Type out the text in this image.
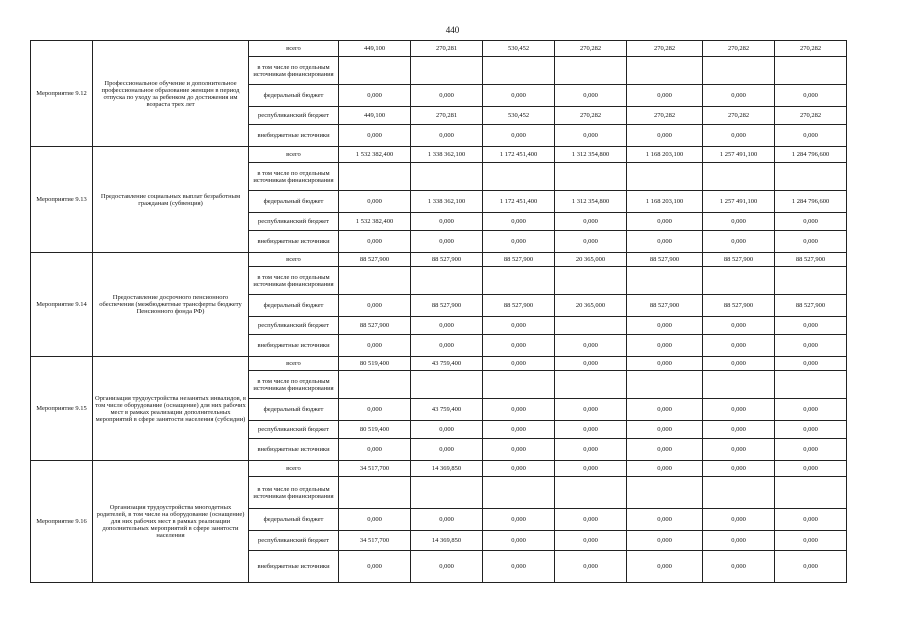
440
Мероприятие 9.12	Профессиональное обучение и дополнительное профессиональное образование женщин в период отпуска по уходу за ребенком до достижения им возраста трех лет	всего	449,100	270,281	530,452	270,282	270,282	270,282	270,282
		в том числе по отдельным источникам финансирования							
		федеральный бюджет	0,000	0,000	0,000	0,000	0,000	0,000	0,000
		республиканский бюджет	449,100	270,281	530,452	270,282	270,282	270,282	270,282
		внебюджетные источники	0,000	0,000	0,000	0,000	0,000	0,000	0,000
Мероприятие 9.13	Предоставление социальных выплат безработным гражданам (субвенция)	всего	1 532 382,400	1 338 362,100	1 172 451,400	1 312 354,800	1 168 203,100	1 257 491,100	1 284 796,600
		в том числе по отдельным источникам финансирования							
		федеральный бюджет	0,000	1 338 362,100	1 172 451,400	1 312 354,800	1 168 203,100	1 257 491,100	1 284 796,600
		республиканский бюджет	1 532 382,400	0,000	0,000	0,000	0,000	0,000	0,000
		внебюджетные источники	0,000	0,000	0,000	0,000	0,000	0,000	0,000
Мероприятие 9.14	Предоставление досрочного пенсионного обеспечения (межбюджетные трансферты бюджету Пенсионного фонда РФ)	всего	88 527,900	88 527,900	88 527,900	20 365,000	88 527,900	88 527,900	88 527,900
		в том числе по отдельным источникам финансирования							
		федеральный бюджет	0,000	88 527,900	88 527,900	20 365,000	88 527,900	88 527,900	88 527,900
		республиканский бюджет	88 527,900	0,000	0,000		0,000	0,000	0,000
		внебюджетные источники	0,000	0,000	0,000	0,000	0,000	0,000	0,000
Мероприятие 9.15	Организация трудоустройства незанятых инвалидов, в том числе оборудование (оснащение) для них рабочих мест в рамках реализации дополнительных мероприятий в сфере занятости населения (субсидии)	всего	80 519,400	43 759,400	0,000	0,000	0,000	0,000	0,000
		в том числе по отдельным источникам финансирования							
		федеральный бюджет	0,000	43 759,400	0,000	0,000	0,000	0,000	0,000
		республиканский бюджет	80 519,400	0,000	0,000	0,000	0,000	0,000	0,000
		внебюджетные источники	0,000	0,000	0,000	0,000	0,000	0,000	0,000
Мероприятие 9.16	Организация трудоустройства многодетных родителей, в том числе на оборудование (оснащение) для них рабочих мест в рамках реализации дополнительных мероприятий в сфере занятости населения	всего	34 517,700	14 369,850	0,000	0,000	0,000	0,000	0,000
		в том числе по отдельным источникам финансирования							
		федеральный бюджет	0,000	0,000	0,000	0,000	0,000	0,000	0,000
		республиканский бюджет	34 517,700	14 369,850	0,000	0,000	0,000	0,000	0,000
		внебюджетные источники	0,000	0,000	0,000	0,000	0,000	0,000	0,000
